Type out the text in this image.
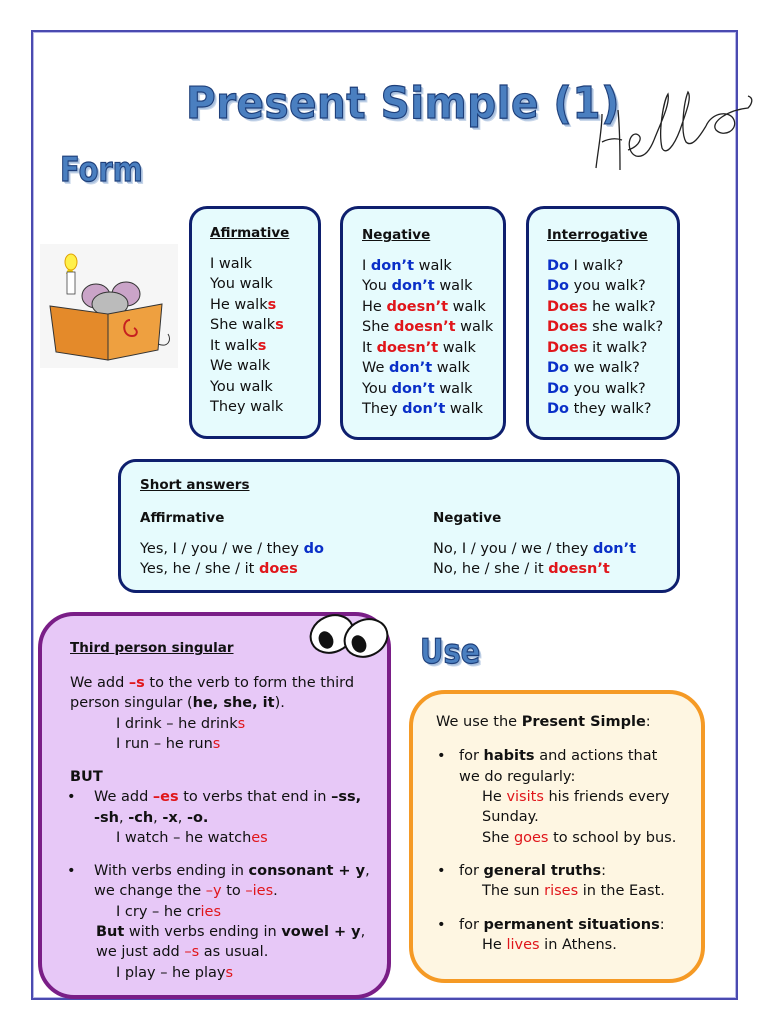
Present Simple (1)
Form
Afirmative
I walk
You walk
He walks
She walks
It walks
We walk
You walk
They walk
Negative
I don’t walk
You don’t walk
He doesn’t walk
She doesn’t walk
It doesn’t walk
We don’t walk
You don’t walk
They don’t walk
Interrogative
Do I walk?
Do you walk?
Does he walk?
Does she walk?
Does it walk?
Do we walk?
Do you walk?
Do they walk?
Short answers
Affirmative	Negative
Yes, I / you / we / they do
Yes, he / she / it does
No, I / you / we / they don’t
No, he / she / it doesn’t
Third person singular
We add –s to the verb to form the third
person singular (he, she, it).
I drink – he drinks
I run – he runs
BUT
• We add –es to verbs that end in –ss,
-sh, -ch, -x, -o.
I watch – he watches
• With verbs ending in consonant + y,
we change the –y to –ies.
I cry – he cries
But with verbs ending in vowel + y,
we just add –s as usual.
I play – he plays
Use
We use the Present Simple:
• for habits and actions that
we do regularly:
He visits his friends every
Sunday.
She goes to school by bus.
• for general truths:
The sun rises in the East.
• for permanent situations:
He lives in Athens.
